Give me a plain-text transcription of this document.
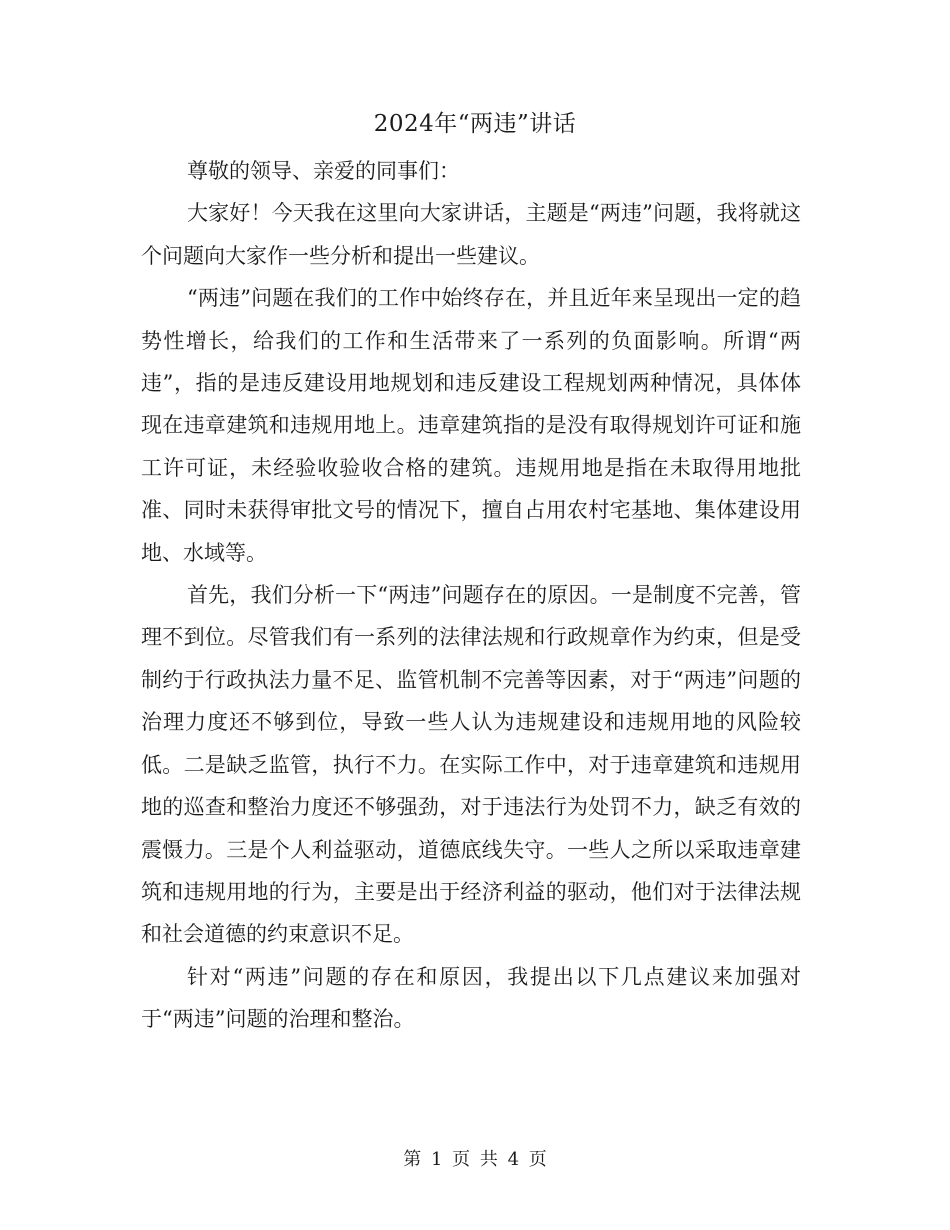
2024年“两违”讲话

尊敬的领导、亲爱的同事们：

大家好！今天我在这里向大家讲话，主题是“两违”问题，我将就这个问题向大家作一些分析和提出一些建议。

“两违”问题在我们的工作中始终存在，并且近年来呈现出一定的趋势性增长，给我们的工作和生活带来了一系列的负面影响。所谓“两违”，指的是违反建设用地规划和违反建设工程规划两种情况，具体体现在违章建筑和违规用地上。违章建筑指的是没有取得规划许可证和施工许可证，未经验收验收合格的建筑。违规用地是指在未取得用地批准、同时未获得审批文号的情况下，擅自占用农村宅基地、集体建设用地、水域等。

首先，我们分析一下“两违”问题存在的原因。一是制度不完善，管理不到位。尽管我们有一系列的法律法规和行政规章作为约束，但是受制约于行政执法力量不足、监管机制不完善等因素，对于“两违”问题的治理力度还不够到位，导致一些人认为违规建设和违规用地的风险较低。二是缺乏监管，执行不力。在实际工作中，对于违章建筑和违规用地的巡查和整治力度还不够强劲，对于违法行为处罚不力，缺乏有效的震慑力。三是个人利益驱动，道德底线失守。一些人之所以采取违章建筑和违规用地的行为，主要是出于经济利益的驱动，他们对于法律法规和社会道德的约束意识不足。

针对“两违”问题的存在和原因，我提出以下几点建议来加强对于“两违”问题的治理和整治。

第 1 页 共 4 页
